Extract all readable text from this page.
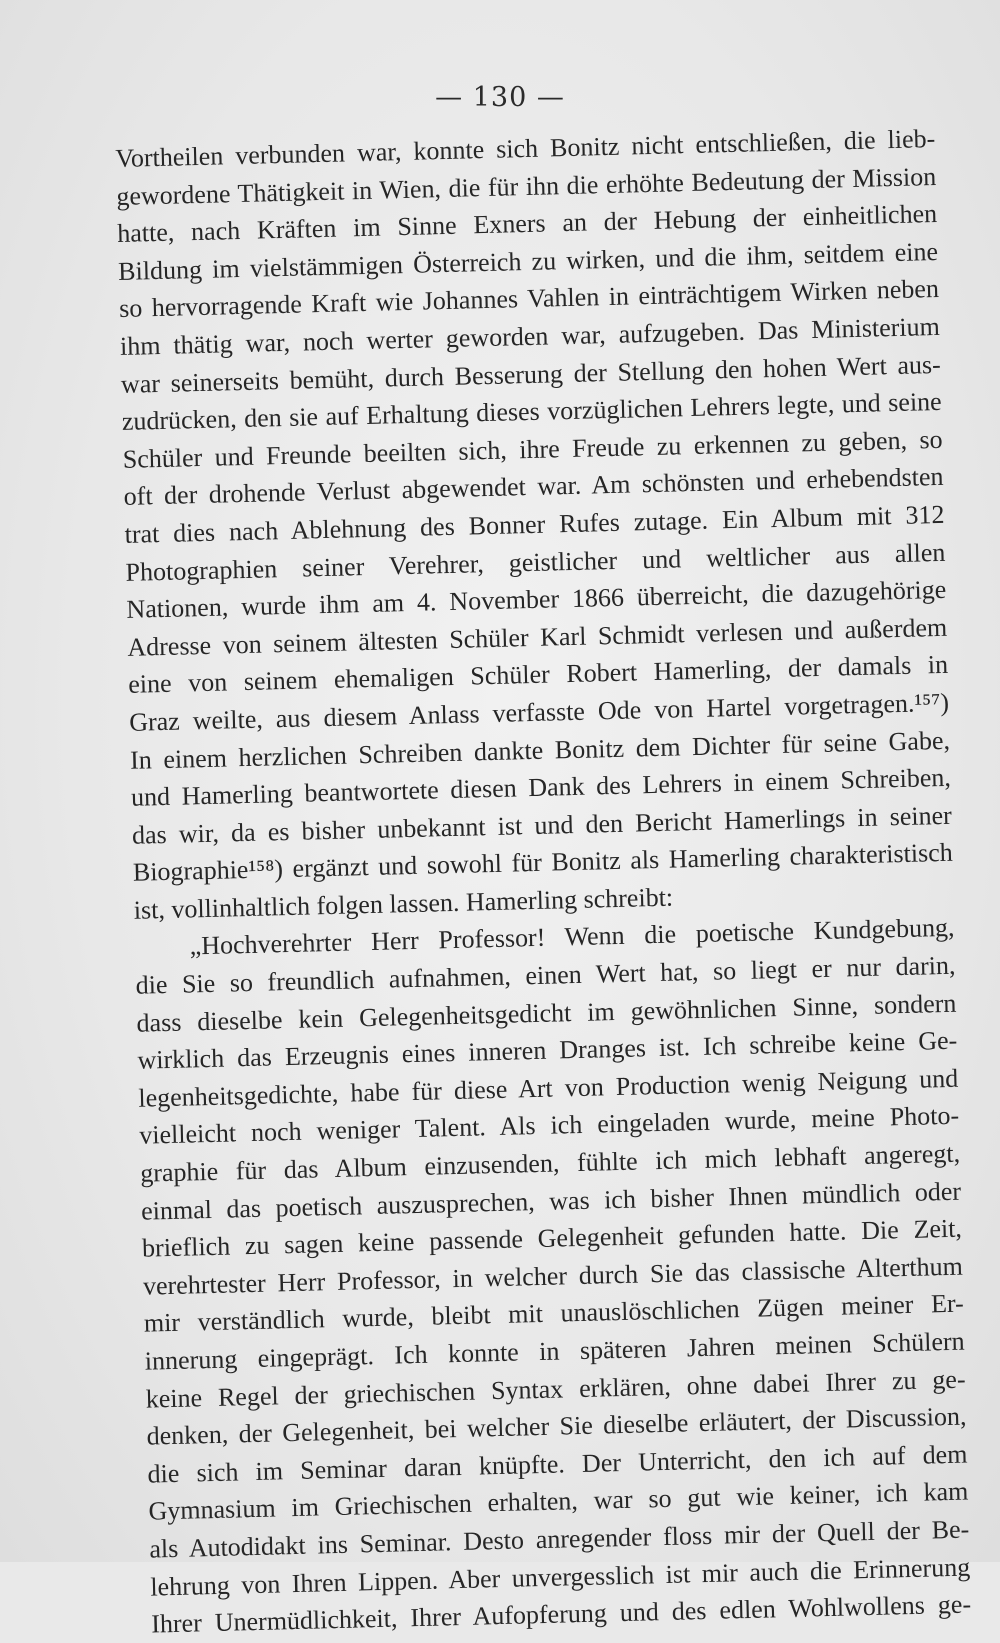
— 130 —
Vortheilen verbunden war, konnte sich Bonitz nicht entschließen, die lieb-
gewordene Thätigkeit in Wien, die für ihn die erhöhte Bedeutung der Mission
hatte, nach Kräften im Sinne Exners an der Hebung der einheitlichen
Bildung im vielstämmigen Österreich zu wirken, und die ihm, seitdem eine
so hervorragende Kraft wie Johannes Vahlen in einträchtigem Wirken neben
ihm thätig war, noch werter geworden war, aufzugeben. Das Ministerium
war seinerseits bemüht, durch Besserung der Stellung den hohen Wert aus-
zudrücken, den sie auf Erhaltung dieses vorzüglichen Lehrers legte, und seine
Schüler und Freunde beeilten sich, ihre Freude zu erkennen zu geben, so
oft der drohende Verlust abgewendet war. Am schönsten und erhebendsten
trat dies nach Ablehnung des Bonner Rufes zutage. Ein Album mit 312
Photographien seiner Verehrer, geistlicher und weltlicher aus allen
Nationen, wurde ihm am 4. November 1866 überreicht, die dazugehörige
Adresse von seinem ältesten Schüler Karl Schmidt verlesen und außerdem
eine von seinem ehemaligen Schüler Robert Hamerling, der damals in
Graz weilte, aus diesem Anlass verfasste Ode von Hartel vorgetragen.¹⁵⁷)
In einem herzlichen Schreiben dankte Bonitz dem Dichter für seine Gabe,
und Hamerling beantwortete diesen Dank des Lehrers in einem Schreiben,
das wir, da es bisher unbekannt ist und den Bericht Hamerlings in seiner
Biographie¹⁵⁸) ergänzt und sowohl für Bonitz als Hamerling charakteristisch
ist, vollinhaltlich folgen lassen. Hamerling schreibt:
„Hochverehrter Herr Professor! Wenn die poetische Kundgebung,
die Sie so freundlich aufnahmen, einen Wert hat, so liegt er nur darin,
dass dieselbe kein Gelegenheitsgedicht im gewöhnlichen Sinne, sondern
wirklich das Erzeugnis eines inneren Dranges ist. Ich schreibe keine Ge-
legenheitsgedichte, habe für diese Art von Production wenig Neigung und
vielleicht noch weniger Talent. Als ich eingeladen wurde, meine Photo-
graphie für das Album einzusenden, fühlte ich mich lebhaft angeregt,
einmal das poetisch auszusprechen, was ich bisher Ihnen mündlich oder
brieflich zu sagen keine passende Gelegenheit gefunden hatte. Die Zeit,
verehrtester Herr Professor, in welcher durch Sie das classische Alterthum
mir verständlich wurde, bleibt mit unauslöschlichen Zügen meiner Er-
innerung eingeprägt. Ich konnte in späteren Jahren meinen Schülern
keine Regel der griechischen Syntax erklären, ohne dabei Ihrer zu ge-
denken, der Gelegenheit, bei welcher Sie dieselbe erläutert, der Discussion,
die sich im Seminar daran knüpfte. Der Unterricht, den ich auf dem
Gymnasium im Griechischen erhalten, war so gut wie keiner, ich kam
als Autodidakt ins Seminar. Desto anregender floss mir der Quell der Be-
lehrung von Ihren Lippen. Aber unvergesslich ist mir auch die Erinnerung
Ihrer Unermüdlichkeit, Ihrer Aufopferung und des edlen Wohlwollens ge-
